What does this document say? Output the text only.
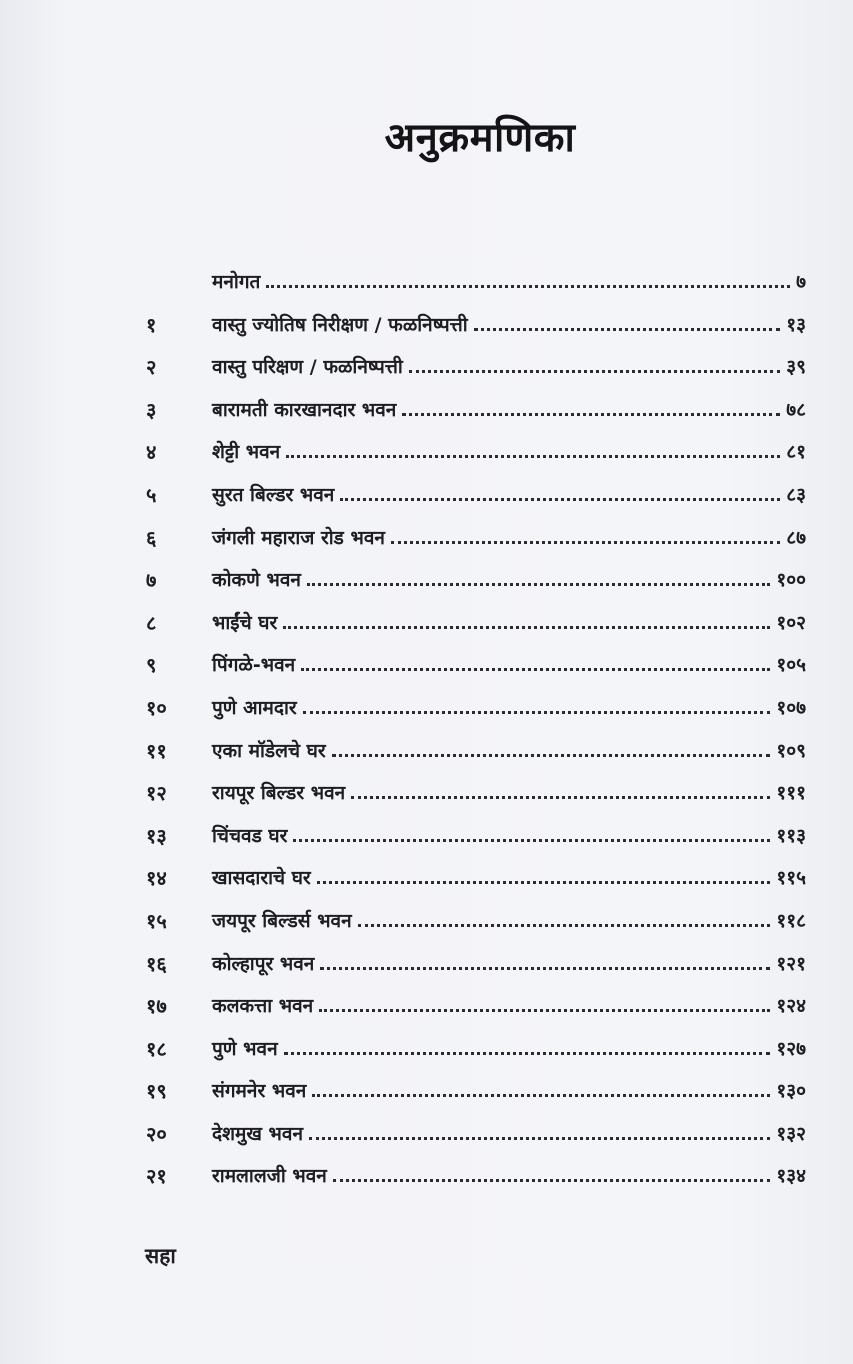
अनुक्रमणिका
मनोगत	७
१	वास्तु ज्योतिष निरीक्षण / फळनिष्पत्ती	१३
२	वास्तु परिक्षण / फळनिष्पत्ती	३९
३	बारामती कारखानदार भवन	७८
४	शेट्टी भवन	८१
५	सुरत बिल्डर भवन	८३
६	जंगली महाराज रोड भवन	८७
७	कोकणे भवन	१००
८	भाईंचे घर	१०२
९	पिंगळे-भवन	१०५
१०	पुणे आमदार	१०७
११	एका मॉडेलचे घर	१०९
१२	रायपूर बिल्डर भवन	१११
१३	चिंचवड घर	११३
१४	खासदाराचे घर	११५
१५	जयपूर बिल्डर्स भवन	११८
१६	कोल्हापूर भवन	१२१
१७	कलकत्ता भवन	१२४
१८	पुणे भवन	१२७
१९	संगमनेर भवन	१३०
२०	देशमुख भवन	१३२
२१	रामलालजी भवन	१३४
सहा
